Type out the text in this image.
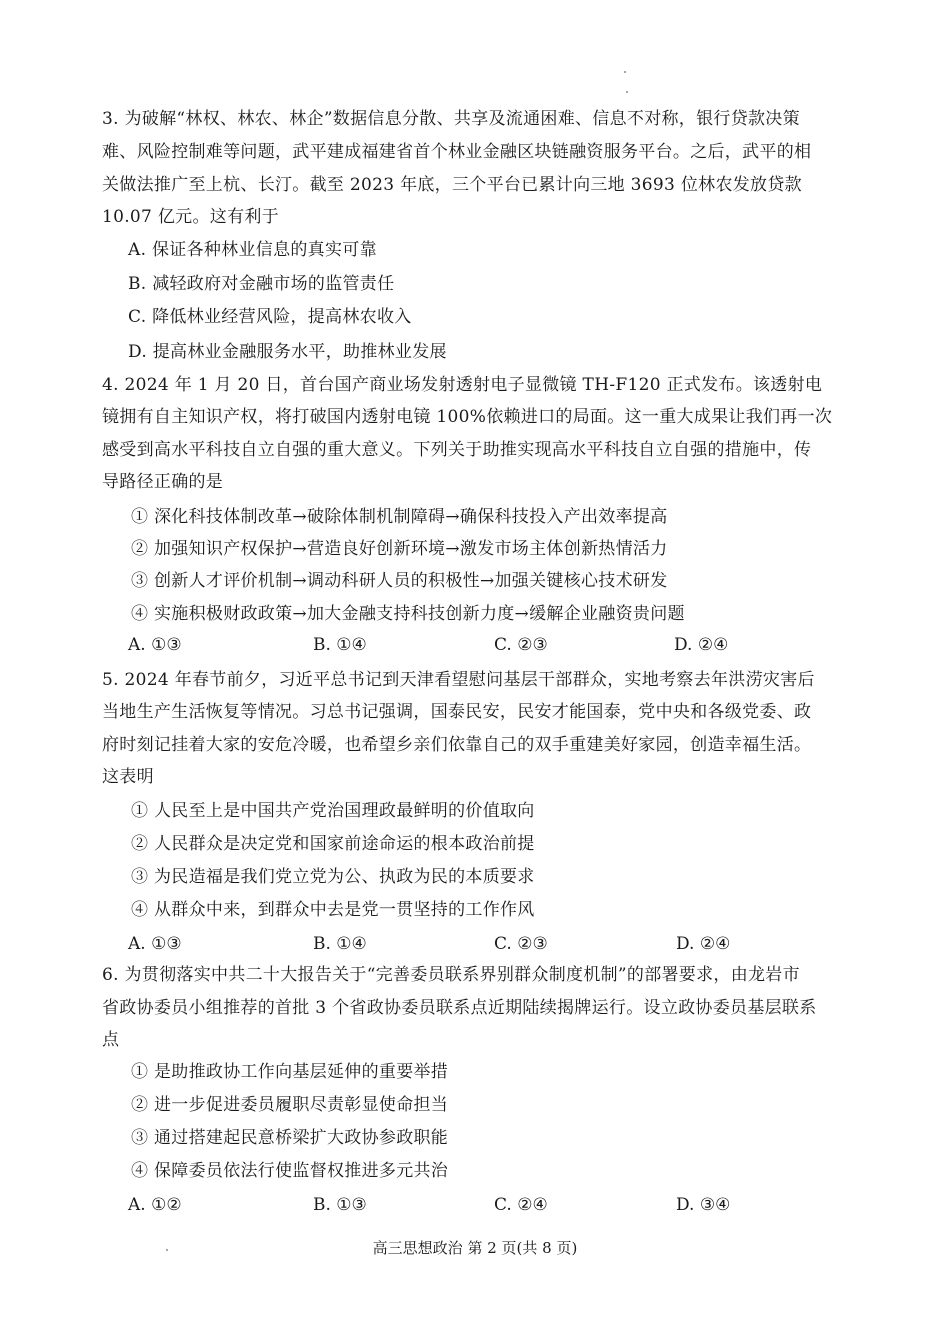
3. 为破解“林权、林农、林企”数据信息分散、共享及流通困难、信息不对称，银行贷款决策
难、风险控制难等问题，武平建成福建省首个林业金融区块链融资服务平台。之后，武平的相
关做法推广至上杭、长汀。截至 2023 年底，三个平台已累计向三地 3693 位林农发放贷款
10.07 亿元。这有利于
A. 保证各种林业信息的真实可靠
B. 减轻政府对金融市场的监管责任
C. 降低林业经营风险，提高林农收入
D. 提高林业金融服务水平，助推林业发展
4. 2024 年 1 月 20 日，首台国产商业场发射透射电子显微镜 TH-F120 正式发布。该透射电
镜拥有自主知识产权，将打破国内透射电镜 100%依赖进口的局面。这一重大成果让我们再一次
感受到高水平科技自立自强的重大意义。下列关于助推实现高水平科技自立自强的措施中，传
导路径正确的是
① 深化科技体制改革→破除体制机制障碍→确保科技投入产出效率提高
② 加强知识产权保护→营造良好创新环境→激发市场主体创新热情活力
③ 创新人才评价机制→调动科研人员的积极性→加强关键核心技术研发
④ 实施积极财政政策→加大金融支持科技创新力度→缓解企业融资贵问题
A. ①③	B. ①④	C. ②③	D. ②④
5. 2024 年春节前夕，习近平总书记到天津看望慰问基层干部群众，实地考察去年洪涝灾害后
当地生产生活恢复等情况。习总书记强调，国泰民安，民安才能国泰，党中央和各级党委、政
府时刻记挂着大家的安危冷暖，也希望乡亲们依靠自己的双手重建美好家园，创造幸福生活。
这表明
① 人民至上是中国共产党治国理政最鲜明的价值取向
② 人民群众是决定党和国家前途命运的根本政治前提
③ 为民造福是我们党立党为公、执政为民的本质要求
④ 从群众中来，到群众中去是党一贯坚持的工作作风
A. ①③	B. ①④	C. ②③	D. ②④
6. 为贯彻落实中共二十大报告关于“完善委员联系界别群众制度机制”的部署要求，由龙岩市
省政协委员小组推荐的首批 3 个省政协委员联系点近期陆续揭牌运行。设立政协委员基层联系
点
① 是助推政协工作向基层延伸的重要举措
② 进一步促进委员履职尽责彰显使命担当
③ 通过搭建起民意桥梁扩大政协参政职能
④ 保障委员依法行使监督权推进多元共治
A. ①②	B. ①③	C. ②④	D. ③④
高三思想政治 第 2 页(共 8 页)
